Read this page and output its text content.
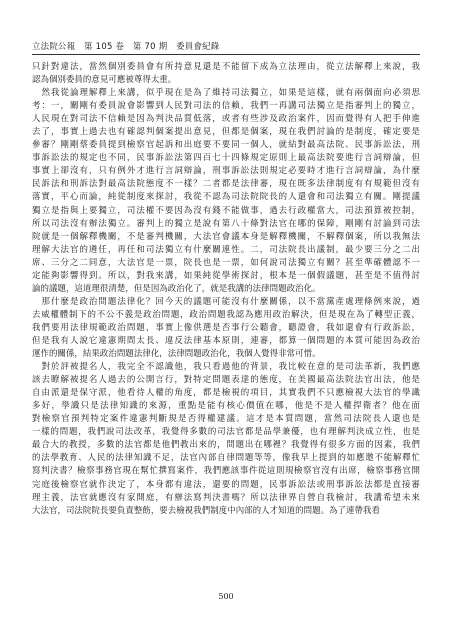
立法院公報　第 105 卷　第 70 期　委員會紀錄
只針對違法，當然個別委員會有所持意見還是不能留下成為立法理由，從立法解釋上來說，我
認為個別委員的意見可應被尊得太重。
　然我從論理解釋上來講，似乎現在是為了維持司法獨立，如果是這樣，就有兩個面向必須思
考：一，關剛有委員說會影響到人民對司法的信賴，我們一再講司法獨立是指審判上的獨立，
人民現在對司法不信賴是因為判決品質低落，或者有些涉及政治案件，因而覺得有人把手伸進
去了，事實上過去也有確認判個案提出意見，但都是個案，現在我們討論的是制度，確定要是
參審？剛剛蔡委員提到檢察官起訴和出庭要不要同一個人，就結對最高法院、民事訴訟法，刑
事訴訟法的規定也不同，民事訴訟法第四百七十四條規定原則上最高法院要進行言詞辯論，但
事實上卻沒有，只有例外才進行言詞辯論，刑事訴訟法則規定必要時才進行言詞辯論，為什麼
民訴法和刑訴法對最高法院態度不一樣？二者都是法律審，現在既多法律制度有有規範但沒有
落實，平心而論，純從制度來探討，我從不認為司法院院長的人還會和司法獨立有關。剛提議
獨立是指與上要獨立，司法權不要因為沒有錢不能做事，過去行政權當大，司法預算被控制，
所以司法沒有辦法獨立。審判上的獨立是說有第八十條對法官在哪的保障，剛剛有討論到司法
院就是一個解釋機關，不是審判機關，大法官會議本身是解釋機關，不解釋個案，所以我無法
理解大法官的遴任，再任和司法獨立有什麼關連性。二，司法院長出議制，最少要三分之二出
席、三分之二同意，大法官是一票，院長也是一票，如何說司法獨立有關？甚至準確體認不一
定能夠影響得到。所以，對我來講，如果純從學術探討，根本是一個假議題，甚至是不值得討
論的議題，這道理很清楚，但是因為政治化了，就是我講的法律問題政治化。
　那什麼是政治問題法律化？回今天的議題可能沒有什麼關係，以不當黨產處理條例來說，過
去威權體制下的不公不義是政治問題，政治問題我認為應用政治解決，但是現在為了轉型正義，
我們要用法律規範政治問題，事實上像供選是否事行公聽會，聽證會，我如還會有行政訴訟，
但是我有人說它違憲期間太長、違反法律基本原則，連審，都算一個問題的本質可能因為政治
運作的關係，結果政治問題法律化，法律問題政治化，我個人覺得非常可惜。
　對於評被提名人，我完全不認識他，我只看過他的背景，我比較在意的是司法革新，我們應
該去瞭解被提名人過去的公開言行，對特定問題表達的態度，在美國最高法院法官出法，他是
自由派還是保守派，他看待人權的角度，都是檢視的項目，其實我們不只應檢視大法官的學識
多好，學識只是法律知識的來源，重點是能有核心價值在哪，他是不是人權捍衛者？他在面
對檢察官預判特定案件違憲判斷規是否得權建議。這才是本質問題，當然司法院長人還也是
一樣的問題，我們說司法改革，我覺得多數的司法官都是品學兼優，也有理解判決成立性，也是
最合大的教授，多數的法官都是他們教出來的，問題出在哪裡？我覺得有很多方面的因素，我們
的法學教育、人民的法律知識不足，法官內部自律問題等等，像我早上提到的如應邀不能解釋忙
寫判決書？檢察事務官現在幫忙撰寫案件，我們應該事件從這則規檢察官沒有出席，檢察事務官開
完庭後檢察官就作決定了，本身都有違法，還要的問題，民事訴訟法或刑事訴訟法都是直接審
理主義，法官就應沒有家開庭，有辦法寫判決書嗎？所以法律界自營自我檢討，我講希望未來
大法官，司法院院長要負責整飭，要去檢視我們制度中內部的人才知道的問題。為了連帶我看
500
